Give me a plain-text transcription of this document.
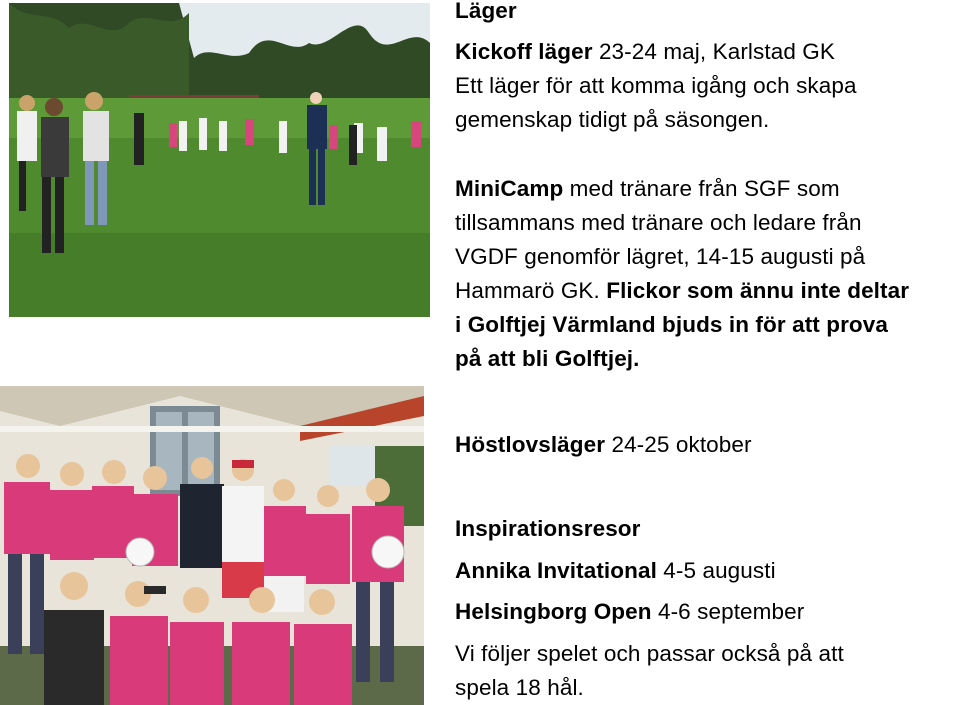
Läger
Kickoff läger 23-24 maj, Karlstad GK
Ett läger för att komma igång och skapa
gemenskap tidigt på säsongen.
MiniCamp med tränare från SGF som
tillsammans med tränare och ledare från
VGDF genomför lägret, 14-15 augusti på
Hammarö GK. Flickor som ännu inte deltar
i Golftjej Värmland bjuds in för att prova
på att bli Golftjej.
Höstlovsläger 24-25 oktober
Inspirationsresor
Annika Invitational 4-5 augusti
Helsingborg Open 4-6 september
Vi följer spelet och passar också på att
spela 18 hål.
